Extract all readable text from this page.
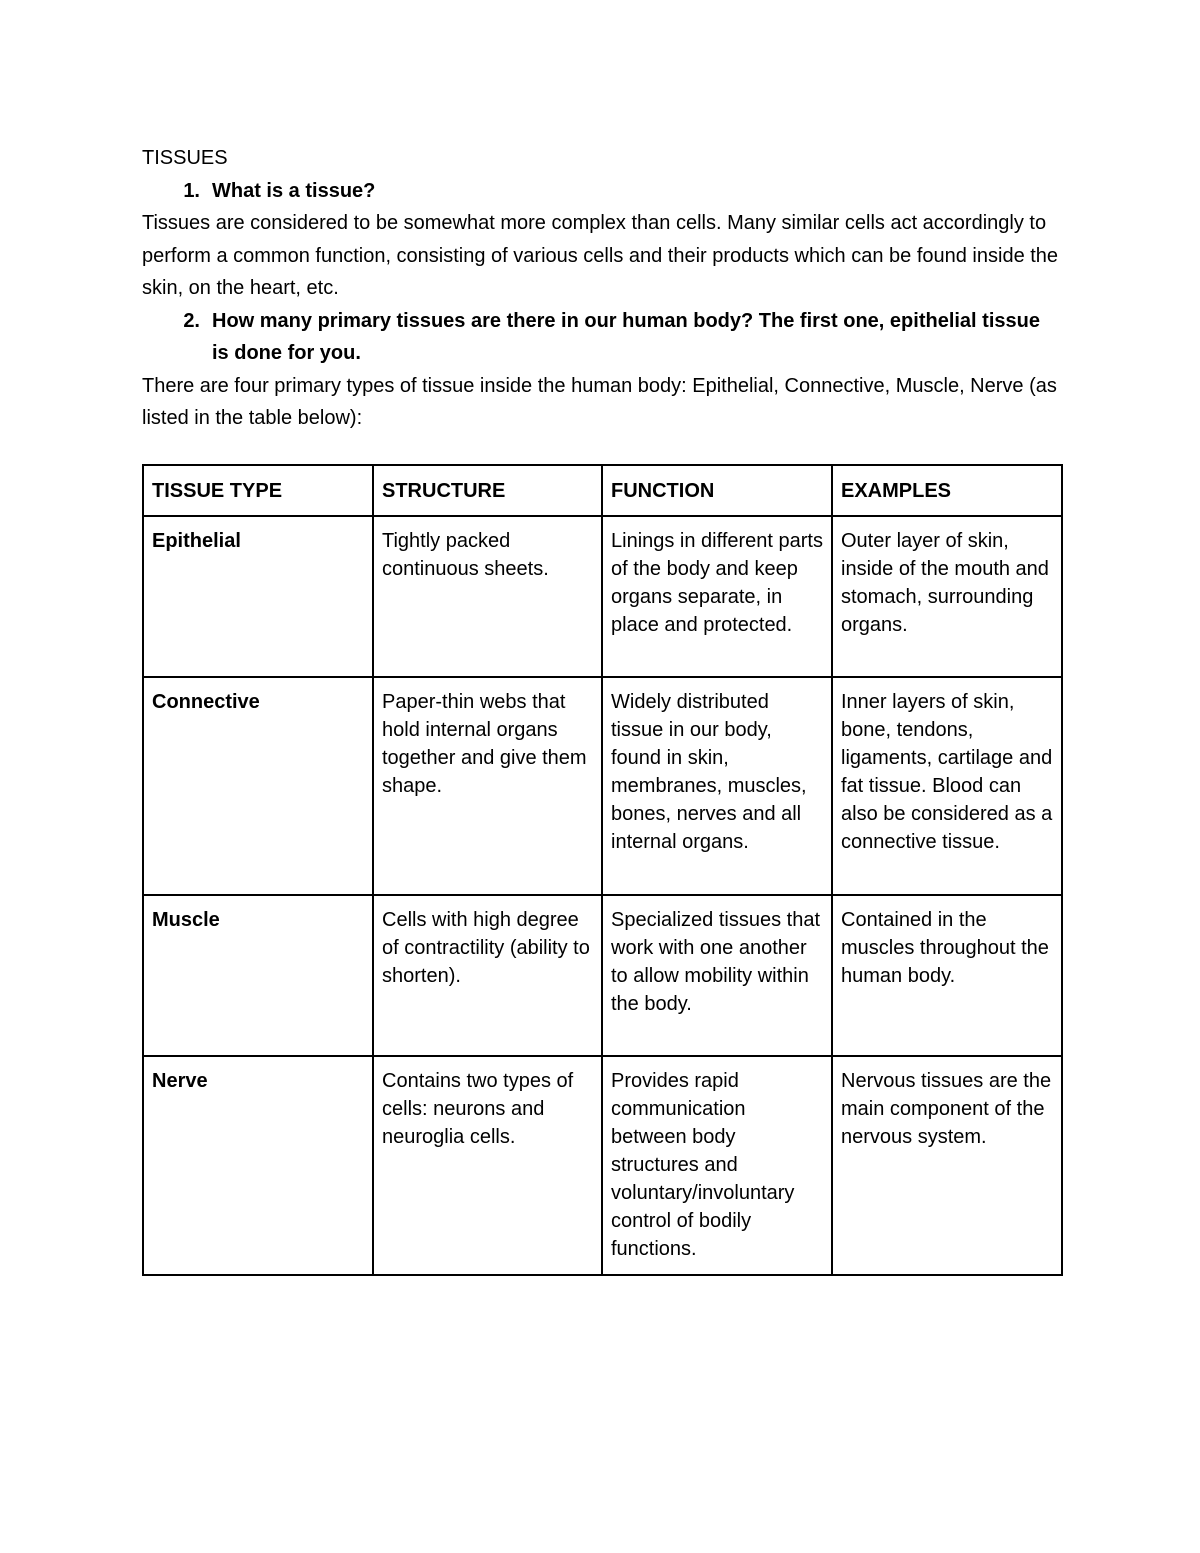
TISSUES

1. What is a tissue?

Tissues are considered to be somewhat more complex than cells. Many similar cells act accordingly to perform a common function, consisting of various cells and their products which can be found inside the skin, on the heart, etc.

2. How many primary tissues are there in our human body? The first one, epithelial tissue is done for you.

There are four primary types of tissue inside the human body: Epithelial, Connective, Muscle, Nerve (as listed in the table below):

TISSUE TYPE	STRUCTURE	FUNCTION	EXAMPLES
Epithelial	Tightly packed continuous sheets.	Linings in different parts of the body and keep organs separate, in place and protected.	Outer layer of skin, inside of the mouth and stomach, surrounding organs.
Connective	Paper-thin webs that hold internal organs together and give them shape.	Widely distributed tissue in our body, found in skin, membranes, muscles, bones, nerves and all internal organs.	Inner layers of skin, bone, tendons, ligaments, cartilage and fat tissue. Blood can also be considered as a connective tissue.
Muscle	Cells with high degree of contractility (ability to shorten).	Specialized tissues that work with one another to allow mobility within the body.	Contained in the muscles throughout the human body.
Nerve	Contains two types of cells: neurons and neuroglia cells.	Provides rapid communication between body structures and voluntary/involuntary control of bodily functions.	Nervous tissues are the main component of the nervous system.
